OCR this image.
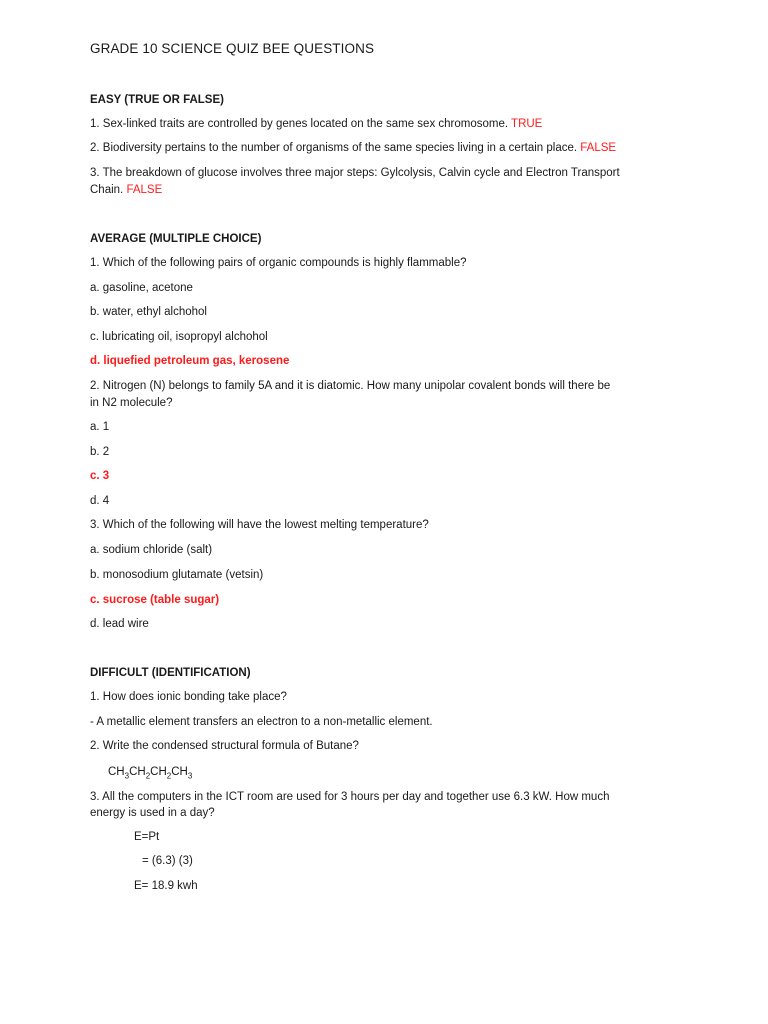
GRADE 10 SCIENCE QUIZ BEE QUESTIONS

EASY (TRUE OR FALSE)

1. Sex-linked traits are controlled by genes located on the same sex chromosome. TRUE

2. Biodiversity pertains to the number of organisms of the same species living in a certain place. FALSE

3. The breakdown of glucose involves three major steps: Gylcolysis, Calvin cycle and Electron Transport

Chain. FALSE

AVERAGE (MULTIPLE CHOICE)

1. Which of the following pairs of organic compounds is highly flammable?

a. gasoline, acetone

b. water, ethyl alchohol

c. lubricating oil, isopropyl alchohol

d. liquefied petroleum gas, kerosene

2. Nitrogen (N) belongs to family 5A and it is diatomic. How many unipolar covalent bonds will there be

in N2 molecule?

a. 1

b. 2

c. 3

d. 4

3. Which of the following will have the lowest melting temperature?

a. sodium chloride (salt)

b. monosodium glutamate (vetsin)

c. sucrose (table sugar)

d. lead wire

DIFFICULT (IDENTIFICATION)

1. How does ionic bonding take place?

- A metallic element transfers an electron to a non-metallic element.

2. Write the condensed structural formula of Butane?

$CH_3CH_2CH_2CH_3$

3. All the computers in the ICT room are used for 3 hours per day and together use 6.3 kW. How much

energy is used in a day?

E=Pt

= (6.3) (3)

E= 18.9 kwh
